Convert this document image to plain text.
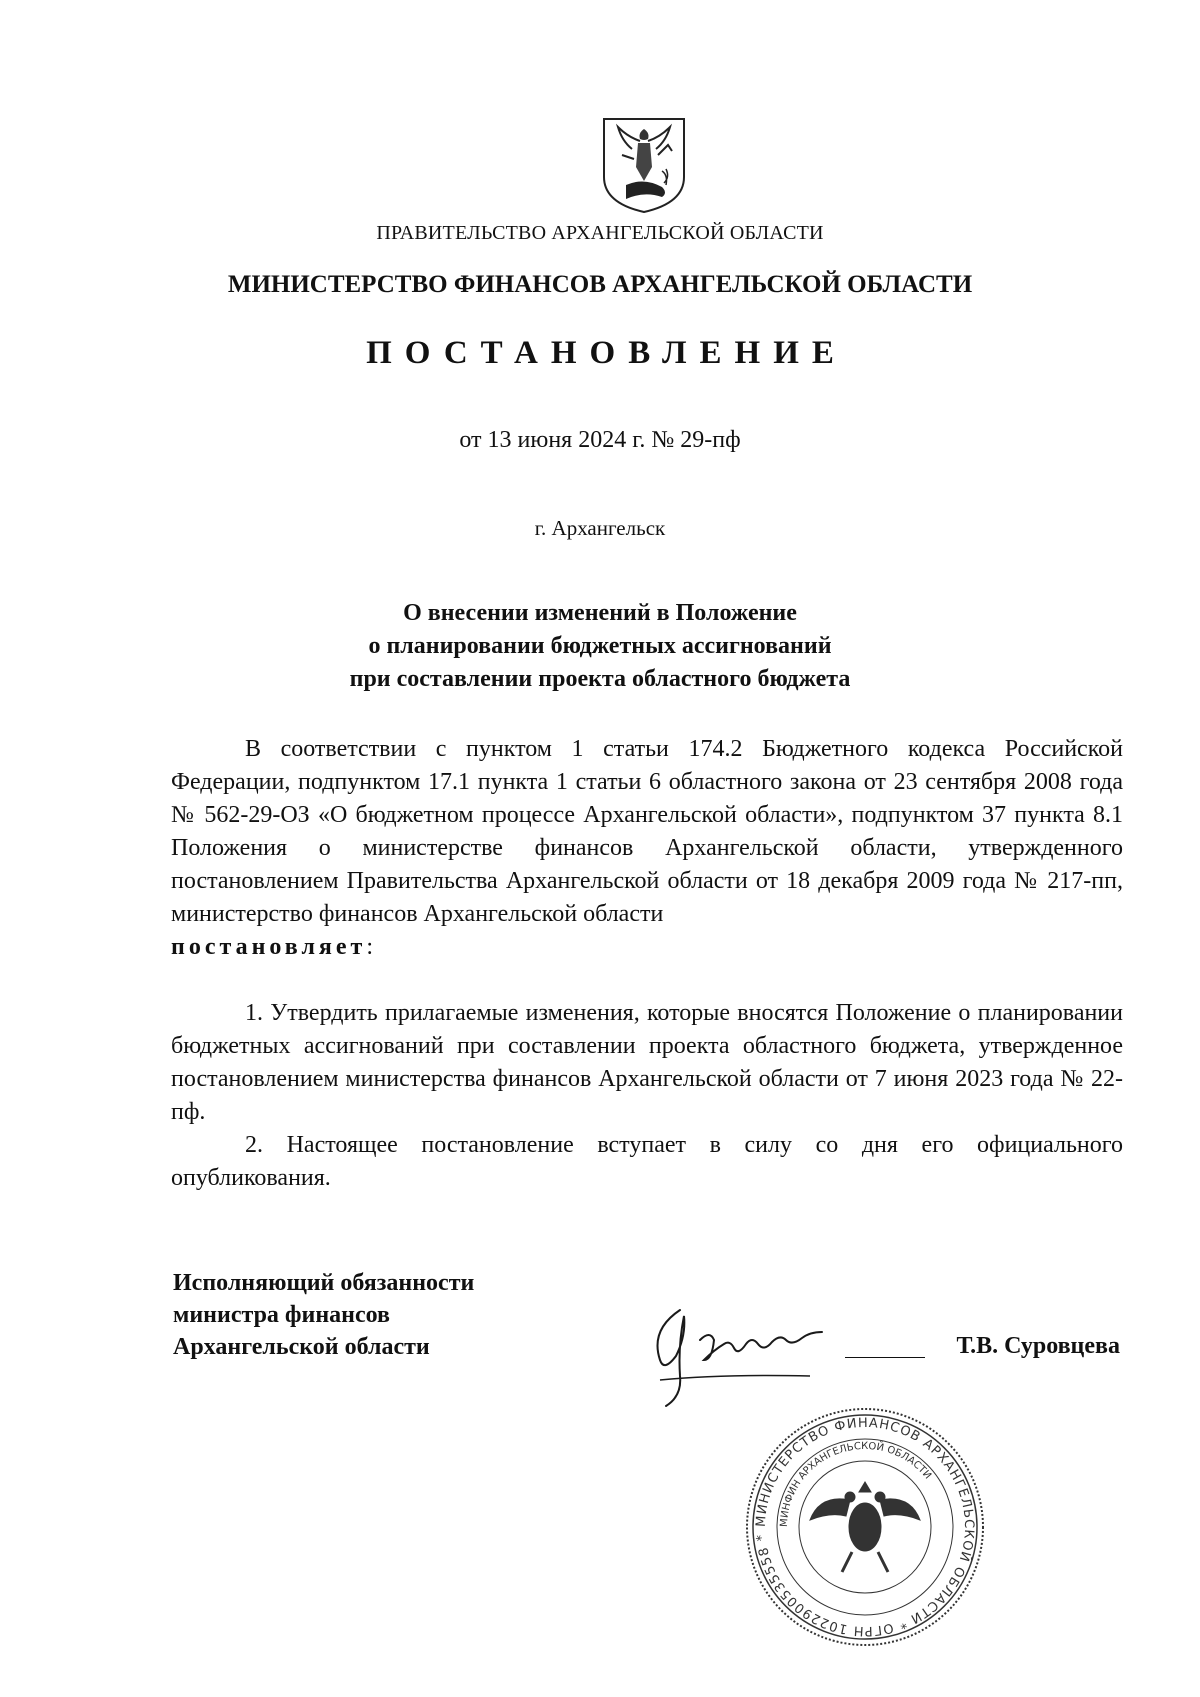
ПРАВИТЕЛЬСТВО АРХАНГЕЛЬСКОЙ ОБЛАСТИ
МИНИСТЕРСТВО ФИНАНСОВ АРХАНГЕЛЬСКОЙ ОБЛАСТИ
ПОСТАНОВЛЕНИЕ
от 13 июня 2024 г. № 29-пф
г. Архангельск
О внесении изменений в Положение
о планировании бюджетных ассигнований
при составлении проекта областного бюджета

В соответствии с пунктом 1 статьи 174.2 Бюджетного кодекса Российской Федерации, подпунктом 17.1 пункта 1 статьи 6 областного закона от 23 сентября 2008 года № 562-29-ОЗ «О бюджетном процессе Архангельской области», подпунктом 37 пункта 8.1 Положения о министерстве финансов Архангельской области, утвержденного постановлением Правительства Архангельской области от 18 декабря 2009 года № 217-пп, министерство финансов Архангельской области
постановляет:

1. Утвердить прилагаемые изменения, которые вносятся Положение о планировании бюджетных ассигнований при составлении проекта областного бюджета, утвержденное постановлением министерства финансов Архангельской области от 7 июня 2023 года № 22-пф.

2. Настоящее постановление вступает в силу со дня его официального опубликования.

Исполняющий обязанности
министра финансов
Архангельской области	Т.В. Суровцева
МИНИСТЕРСТВО ФИНАНСОВ АРХАНГЕЛЬСКОЙ ОБЛАСТИ * ОГРН 1022900535558 *
МИНФИН АРХАНГЕЛЬСКОЙ ОБЛАСТИ
